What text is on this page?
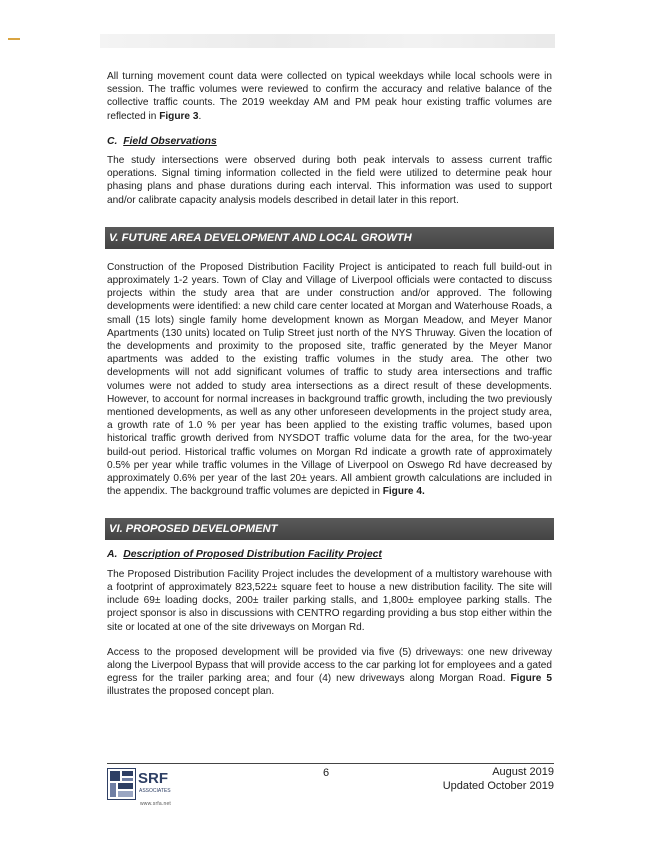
All turning movement count data were collected on typical weekdays while local schools were in session. The traffic volumes were reviewed to confirm the accuracy and relative balance of the collective traffic counts. The 2019 weekday AM and PM peak hour existing traffic volumes are reflected in Figure 3.

C. Field Observations

The study intersections were observed during both peak intervals to assess current traffic operations. Signal timing information collected in the field were utilized to determine peak hour phasing plans and phase durations during each interval. This information was used to support and/or calibrate capacity analysis models described in detail later in this report.

V. FUTURE AREA DEVELOPMENT AND LOCAL GROWTH

Construction of the Proposed Distribution Facility Project is anticipated to reach full build-out in approximately 1-2 years. Town of Clay and Village of Liverpool officials were contacted to discuss projects within the study area that are under construction and/or approved. The following developments were identified: a new child care center located at Morgan and Waterhouse Roads, a small (15 lots) single family home development known as Morgan Meadow, and Meyer Manor Apartments (130 units) located on Tulip Street just north of the NYS Thruway. Given the location of the developments and proximity to the proposed site, traffic generated by the Meyer Manor apartments was added to the existing traffic volumes in the study area. The other two developments will not add significant volumes of traffic to study area intersections and traffic volumes were not added to study area intersections as a direct result of these developments. However, to account for normal increases in background traffic growth, including the two previously mentioned developments, as well as any other unforeseen developments in the project study area, a growth rate of 1.0 % per year has been applied to the existing traffic volumes, based upon historical traffic growth derived from NYSDOT traffic volume data for the area, for the two-year build-out period. Historical traffic volumes on Morgan Rd indicate a growth rate of approximately 0.5% per year while traffic volumes in the Village of Liverpool on Oswego Rd have decreased by approximately 0.6% per year of the last 20± years. All ambient growth calculations are included in the appendix. The background traffic volumes are depicted in Figure 4.

VI. PROPOSED DEVELOPMENT
A. Description of Proposed Distribution Facility Project

The Proposed Distribution Facility Project includes the development of a multistory warehouse with a footprint of approximately 823,522± square feet to house a new distribution facility. The site will include 69± loading docks, 200± trailer parking stalls, and 1,800± employee parking stalls. The project sponsor is also in discussions with CENTRO regarding providing a bus stop either within the site or located at one of the site driveways on Morgan Rd.

Access to the proposed development will be provided via five (5) driveways: one new driveway along the Liverpool Bypass that will provide access to the car parking lot for employees and a gated egress for the trailer parking area; and four (4) new driveways along Morgan Road. Figure 5 illustrates the proposed concept plan.

SRF
ASSOCIATES
www.srfa.net
6	August 2019
Updated October 2019
